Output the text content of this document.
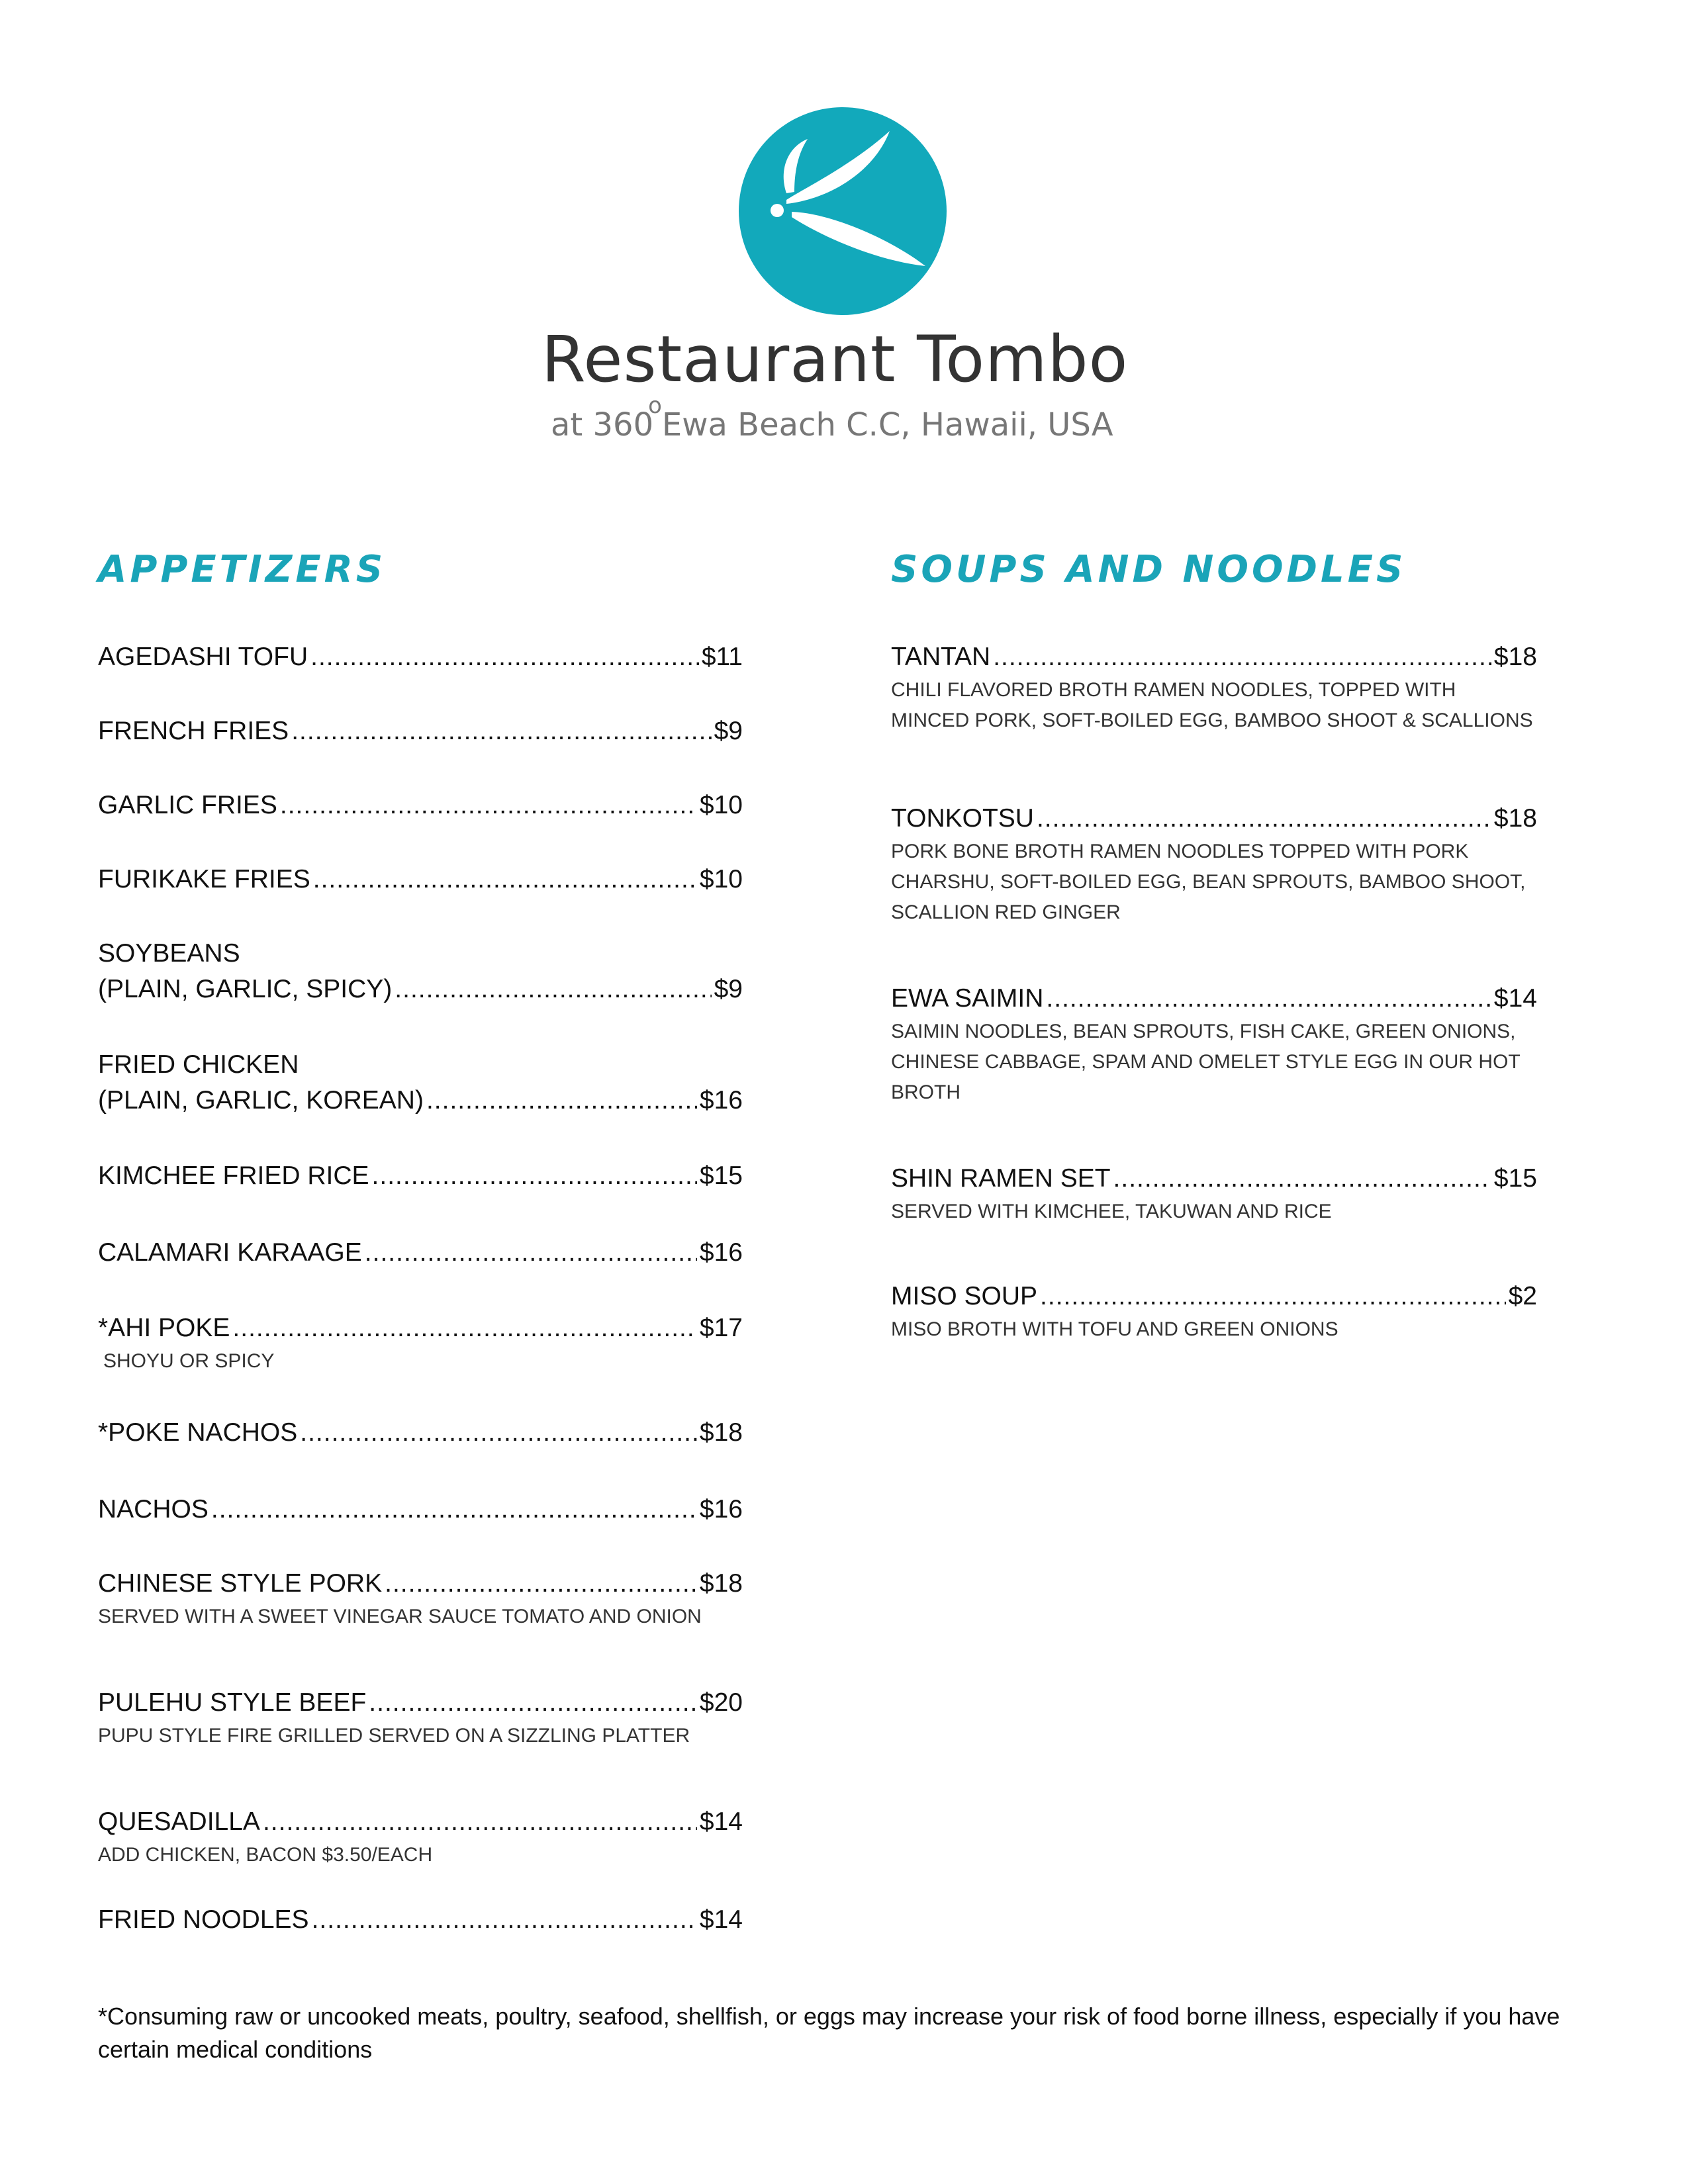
Restaurant Tombo
at 360$^o$Ewa Beach C.C, Hawaii, USA
APPETIZERS	SOUPS AND NOODLES
AGEDASHI TOFU .....	$11
FRENCH FRIES .....	$9
GARLIC FRIES .....	$10
FURIKAKE FRIES .....	$10
SOYBEANS
(PLAIN, GARLIC, SPICY) .....	$9
FRIED CHICKEN
(PLAIN, GARLIC, KOREAN) .....	$16
KIMCHEE FRIED RICE .....	$15
CALAMARI KARAAGE .....	$16
*AHI POKE .....	$17
SHOYU OR SPICY
*POKE NACHOS .....	$18
NACHOS .....	$16
CHINESE STYLE PORK .....	$18
SERVED WITH A SWEET VINEGAR SAUCE TOMATO AND ONION
PULEHU STYLE BEEF .....	$20
PUPU STYLE FIRE GRILLED SERVED ON A SIZZLING PLATTER
QUESADILLA .....	$14
ADD CHICKEN, BACON $3.50/EACH
FRIED NOODLES .....	$14
TANTAN .....	$18
CHILI FLAVORED BROTH RAMEN NOODLES, TOPPED WITH MINCED PORK, SOFT-BOILED EGG, BAMBOO SHOOT & SCALLIONS
TONKOTSU .....	$18
PORK BONE BROTH RAMEN NOODLES TOPPED WITH PORK CHARSHU, SOFT-BOILED EGG, BEAN SPROUTS, BAMBOO SHOOT, SCALLION RED GINGER
EWA SAIMIN .....	$14
SAIMIN NOODLES, BEAN SPROUTS, FISH CAKE, GREEN ONIONS, CHINESE CABBAGE, SPAM AND OMELET STYLE EGG IN OUR HOT BROTH
SHIN RAMEN SET .....	$15
SERVED WITH KIMCHEE, TAKUWAN AND RICE
MISO SOUP .....	$2
MISO BROTH WITH TOFU AND GREEN ONIONS
*Consuming raw or uncooked meats, poultry, seafood, shellfish, or eggs may increase your risk of food borne illness, especially if you have certain medical conditions
